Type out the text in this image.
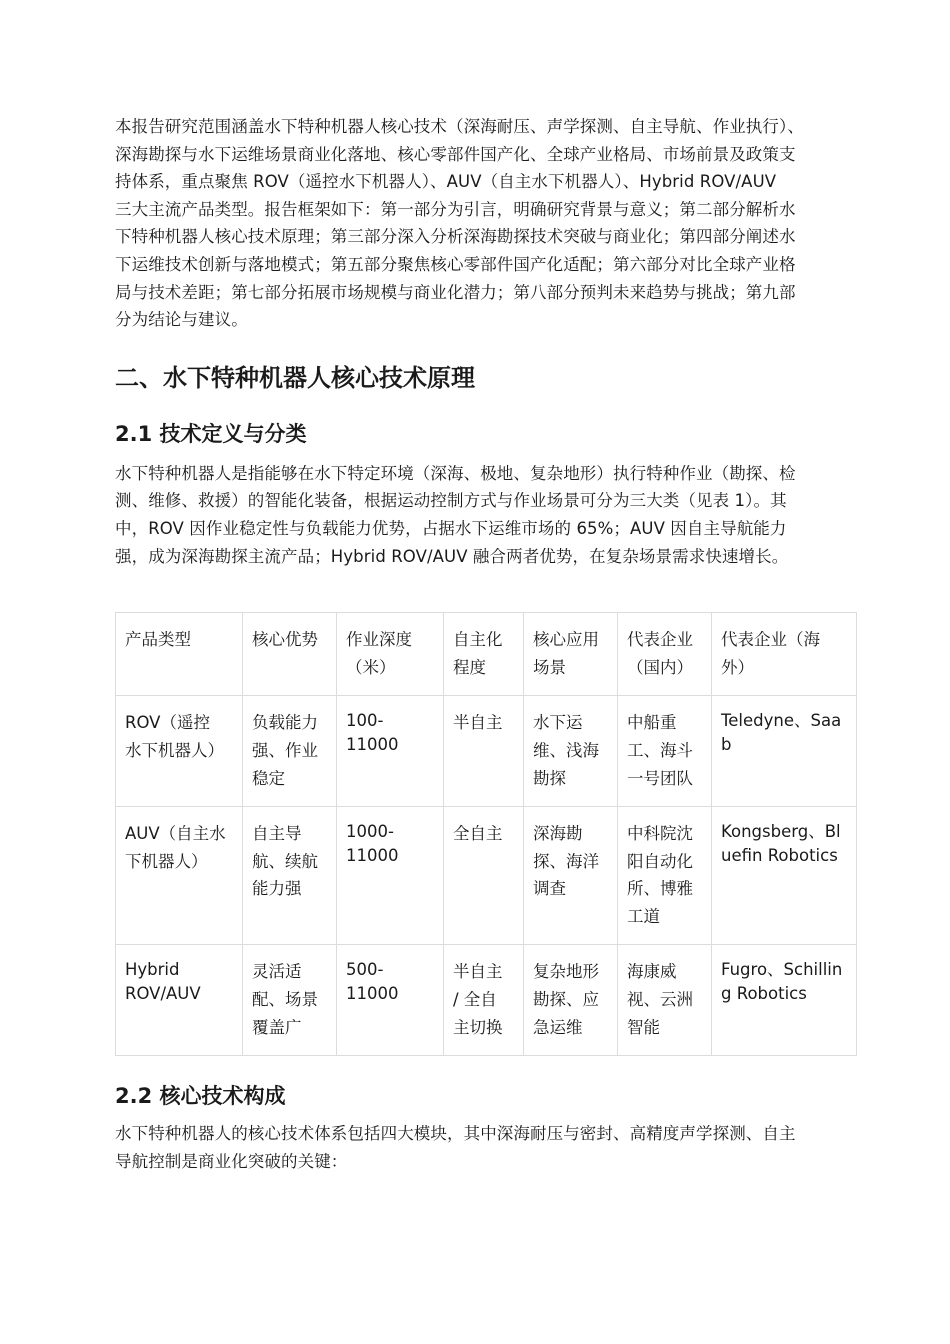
本报告研究范围涵盖水下特种机器人核心技术（深海耐压、声学探测、自主导航、作业执行）、
深海勘探与水下运维场景商业化落地、核心零部件国产化、全球产业格局、市场前景及政策支
持体系，重点聚焦 ROV（遥控水下机器人）、AUV（自主水下机器人）、Hybrid ROV/AUV
三大主流产品类型。报告框架如下：第一部分为引言，明确研究背景与意义；第二部分解析水
下特种机器人核心技术原理；第三部分深入分析深海勘探技术突破与商业化；第四部分阐述水
下运维技术创新与落地模式；第五部分聚焦核心零部件国产化适配；第六部分对比全球产业格
局与技术差距；第七部分拓展市场规模与商业化潜力；第八部分预判未来趋势与挑战；第九部
分为结论与建议。

二、水下特种机器人核心技术原理
2.1 技术定义与分类

水下特种机器人是指能够在水下特定环境（深海、极地、复杂地形）执行特种作业（勘探、检
测、维修、救援）的智能化装备，根据运动控制方式与作业场景可分为三大类（见表 1）。其
中，ROV 因作业稳定性与负载能力优势，占据水下运维市场的 65%；AUV 因自主导航能力
强，成为深海勘探主流产品；Hybrid ROV/AUV 融合两者优势，在复杂场景需求快速增长。

产品类型	核心优势	作业深度
（米）	自主化
程度	核心应用
场景	代表企业
（国内）	代表企业（海
外）
ROV（遥控
水下机器人）	负载能力
强、作业
稳定	100-11000	半自主	水下运
维、浅海
勘探	中船重
工、海斗
一号团队	Teledyne、Saa
b
AUV（自主水
下机器人）	自主导
航、续航
能力强	1000-
11000	全自主	深海勘
探、海洋
调查	中科院沈
阳自动化
所、博雅
工道	Kongsberg、Bl
uefin Robotics
Hybrid
ROV/AUV	灵活适
配、场景
覆盖广	500-11000	半自主
/ 全自
主切换	复杂地形
勘探、应
急运维	海康威
视、云洲
智能	Fugro、Schillin
g Robotics
2.2 核心技术构成

水下特种机器人的核心技术体系包括四大模块，其中深海耐压与密封、高精度声学探测、自主
导航控制是商业化突破的关键：
